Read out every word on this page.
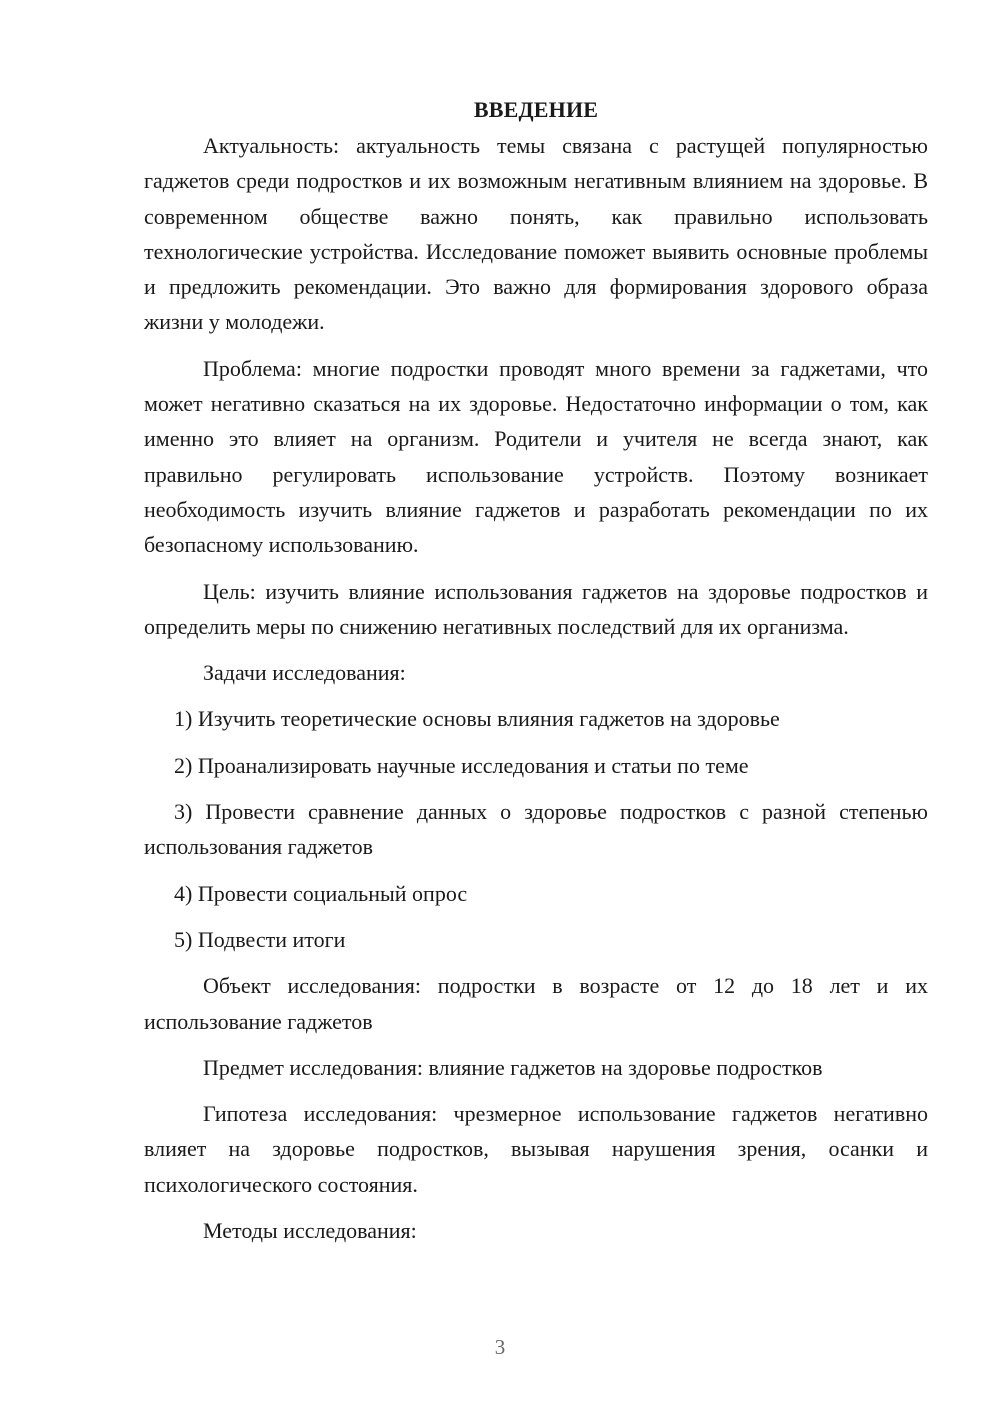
ВВЕДЕНИЕ

Актуальность: актуальность темы связана с растущей популярностью гаджетов среди подростков и их возможным негативным влиянием на здоровье. В современном обществе важно понять, как правильно использовать технологические устройства. Исследование поможет выявить основные проблемы и предложить рекомендации. Это важно для формирования здорового образа жизни у молодежи.

Проблема: многие подростки проводят много времени за гаджетами, что может негативно сказаться на их здоровье. Недостаточно информации о том, как именно это влияет на организм. Родители и учителя не всегда знают, как правильно регулировать использование устройств. Поэтому возникает необходимость изучить влияние гаджетов и разработать рекомендации по их безопасному использованию.

Цель: изучить влияние использования гаджетов на здоровье подростков и определить меры по снижению негативных последствий для их организма.

Задачи исследования:

1) Изучить теоретические основы влияния гаджетов на здоровье

2) Проанализировать научные исследования и статьи по теме

3) Провести сравнение данных о здоровье подростков с разной степенью использования гаджетов

4) Провести социальный опрос

5) Подвести итоги

Объект исследования: подростки в возрасте от 12 до 18 лет и их использование гаджетов

Предмет исследования: влияние гаджетов на здоровье подростков

Гипотеза исследования: чрезмерное использование гаджетов негативно влияет на здоровье подростков, вызывая нарушения зрения, осанки и психологического состояния.

Методы исследования:

3
